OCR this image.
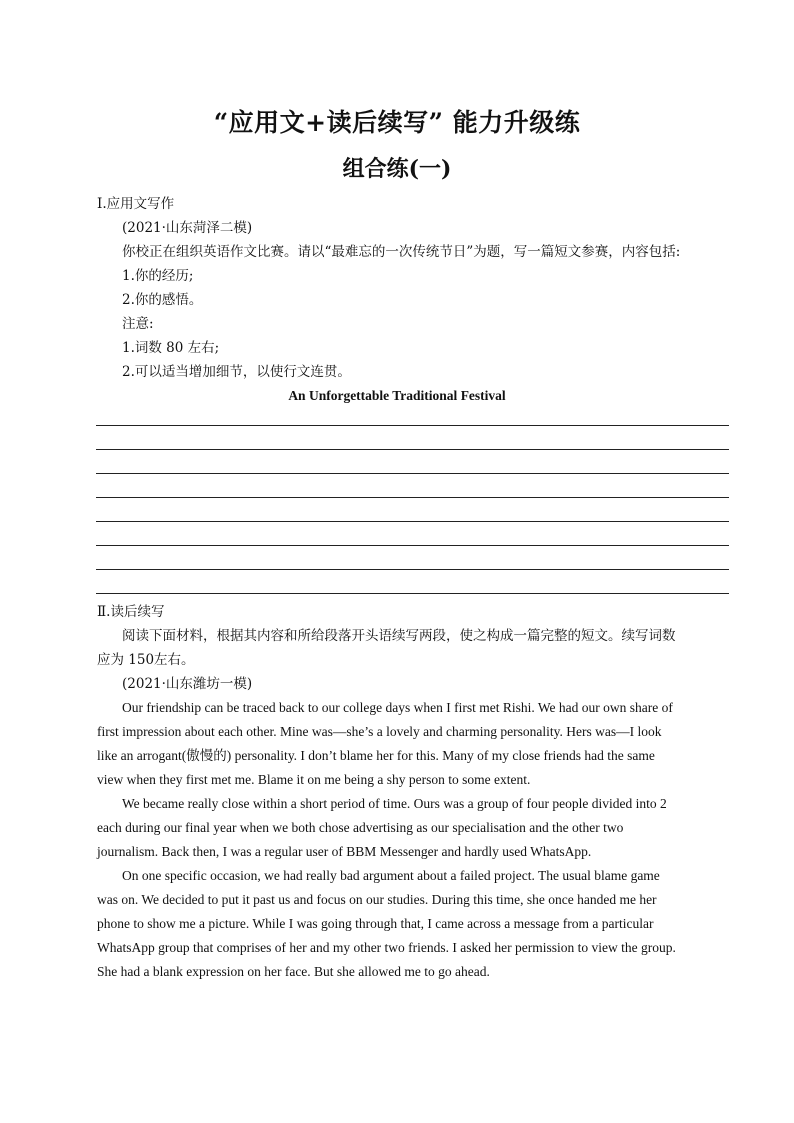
“应用文+读后续写” 能力升级练
组合练(一)
Ⅰ.应用文写作
(2021·山东菏泽二模)
你校正在组织英语作文比赛。请以“最难忘的一次传统节日”为题，写一篇短文参赛，内容包括:
1.你的经历;
2.你的感悟。
注意:
1.词数 80 左右;
2.可以适当增加细节，以使行文连贯。
An Unforgettable Traditional Festival
Ⅱ.读后续写
阅读下面材料，根据其内容和所给段落开头语续写两段，使之构成一篇完整的短文。续写词数
应为 150左右。
(2021·山东潍坊一模)
Our friendship can be traced back to our college days when I first met Rishi. We had our own share of
first impression about each other. Mine was—she’s a lovely and charming personality. Hers was—I look
like an arrogant(傲慢的) personality. I don’t blame her for this. Many of my close friends had the same
view when they first met me. Blame it on me being a shy person to some extent.
We became really close within a short period of time. Ours was a group of four people divided into 2
each during our final year when we both chose advertising as our specialisation and the other two
journalism. Back then, I was a regular user of BBM Messenger and hardly used WhatsApp.
On one specific occasion, we had really bad argument about a failed project. The usual blame game
was on. We decided to put it past us and focus on our studies. During this time, she once handed me her
phone to show me a picture. While I was going through that, I came across a message from a particular
WhatsApp group that comprises of her and my other two friends. I asked her permission to view the group.
She had a blank expression on her face. But she allowed me to go ahead.
